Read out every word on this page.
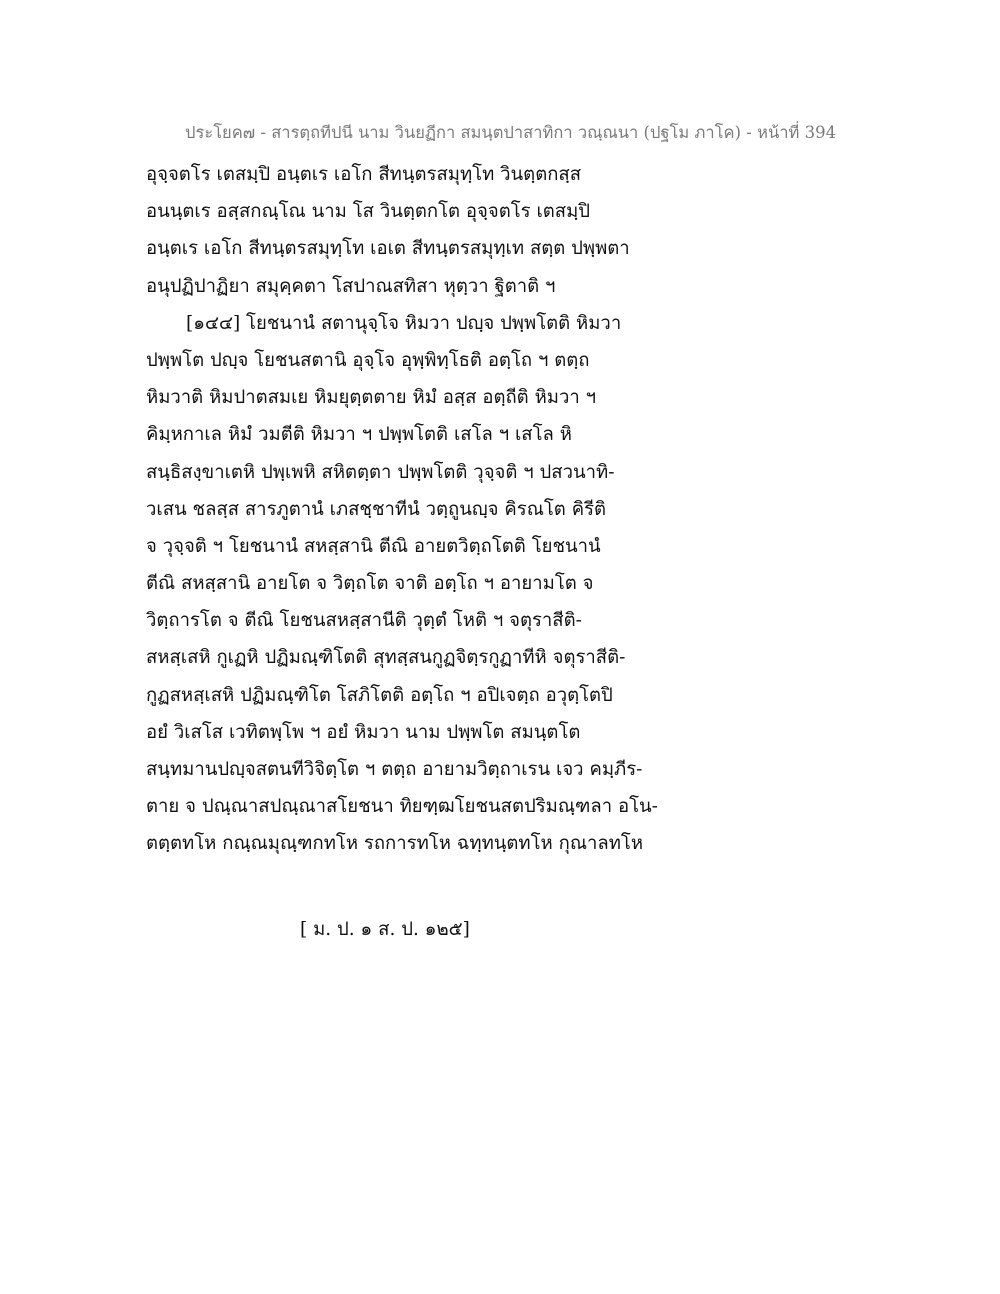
ประโยค๗ - สารตฺถทีปนี นาม วินยฏีกา สมนฺตปาสาทิกา วณฺณนา (ปฐโม ภาโค) - หน้าที่ 394
อุจฺจตโร เตสมฺปิ อนฺตเร เอโก สีทนฺตรสมุทฺโท วินตฺตกสฺส
อนนฺตเร อสฺสกณฺโณ นาม โส วินตฺตกโต อุจฺจตโร เตสมฺปิ
อนฺตเร เอโก สีทนฺตรสมุทฺโท เอเต สีทนฺตรสมุทฺเท สตฺต ปพฺพตา
อนุปฏิปาฏิยา สมุคฺคตา โสปาณสทิสา หุตฺวา ฐิตาติ ฯ
[๑๔๔] โยชนานํ สตานุจฺโจ หิมวา ปญฺจ ปพฺพโตติ หิมวา
ปพฺพโต ปญฺจ โยชนสตานิ อุจฺโจ อุพฺพิทฺโธติ อตฺโถ ฯ ตตฺถ
หิมวาติ หิมปาตสมเย หิมยุตฺตตาย หิมํ อสฺส อตฺถีติ หิมวา ฯ
คิมฺหกาเล หิมํ วมตีติ หิมวา ฯ ปพฺพโตติ เสโล ฯ เสโล หิ
สนฺธิสงฺขาเตหิ ปพฺเพหิ สหิตตฺตา ปพฺพโตติ วุจฺจติ ฯ ปสวนาทิ-
วเสน ชลสฺส สารภูตานํ เภสชฺชาทีนํ วตฺถูนญฺจ คิรณโต คิรีติ
จ วุจฺจติ ฯ โยชนานํ สหสฺสานิ ตีณิ อายตวิตฺถโตติ โยชนานํ
ตีณิ สหสฺสานิ อายโต จ วิตฺถโต จาติ อตฺโถ ฯ อายามโต จ
วิตฺถารโต จ ตีณิ โยชนสหสฺสานีติ วุตฺตํ โหติ ฯ จตุราสีติ-
สหสฺเสหิ กูเฏหิ ปฏิมณฺฑิโตติ สุทสฺสนกูฏจิตฺรกูฏาทีหิ จตุราสีติ-
กูฏสหสฺเสหิ ปฏิมณฺฑิโต โสภิโตติ อตฺโถ ฯ อปิเจตฺถ อวุตฺโตปิ
อยํ วิเสโส เวทิตพฺโพ ฯ อยํ หิมวา นาม ปพฺพโต สมนฺตโต
สนฺทมานปญฺจสตนทีวิจิตฺโต ฯ ตตฺถ อายามวิตฺถาเรน เจว คมฺภีร-
ตาย จ ปณฺณาสปณฺณาสโยชนา ทิยฑฺฒโยชนสตปริมณฺฑลา อโน-
ตตฺตทโห กณฺณมุณฺฑกทโห รถการทโห ฉทฺทนฺตทโห กุณาลทโห
[ ม. ป. ๑ ส. ป. ๑๒๕]
